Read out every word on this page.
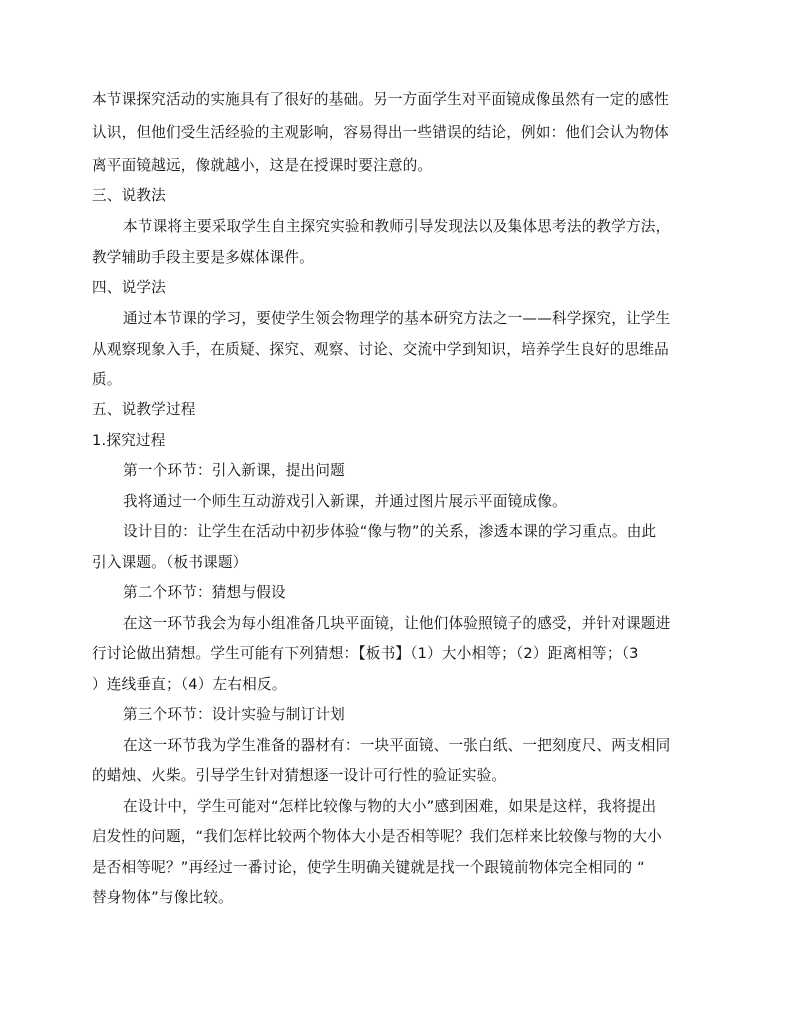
本节课探究活动的实施具有了很好的基础。另一方面学生对平面镜成像虽然有一定的感性
认识，但他们受生活经验的主观影响，容易得出一些错误的结论，例如：他们会认为物体
离平面镜越远，像就越小，这是在授课时要注意的。
三、说教法
本节课将主要采取学生自主探究实验和教师引导发现法以及集体思考法的教学方法，
教学辅助手段主要是多媒体课件。
四、说学法
通过本节课的学习，要使学生领会物理学的基本研究方法之一——科学探究，让学生
从观察现象入手，在质疑、探究、观察、讨论、交流中学到知识，培养学生良好的思维品
质。
五、说教学过程
1.探究过程
第一个环节：引入新课，提出问题
我将通过一个师生互动游戏引入新课，并通过图片展示平面镜成像。
设计目的：让学生在活动中初步体验“像与物”的关系，渗透本课的学习重点。由此
引入课题。（板书课题）
第二个环节：猜想与假设
在这一环节我会为每小组准备几块平面镜，让他们体验照镜子的感受，并针对课题进
行讨论做出猜想。学生可能有下列猜想：【板书】（1）大小相等；（2）距离相等；（3
）连线垂直；（4）左右相反。
第三个环节：设计实验与制订计划
在这一环节我为学生准备的器材有：一块平面镜、一张白纸、一把刻度尺、两支相同
的蜡烛、火柴。引导学生针对猜想逐一设计可行性的验证实验。
在设计中，学生可能对“怎样比较像与物的大小”感到困难，如果是这样，我将提出
启发性的问题，“我们怎样比较两个物体大小是否相等呢？我们怎样来比较像与物的大小
是否相等呢？”再经过一番讨论，使学生明确关键就是找一个跟镜前物体完全相同的 “
替身物体”与像比较。
